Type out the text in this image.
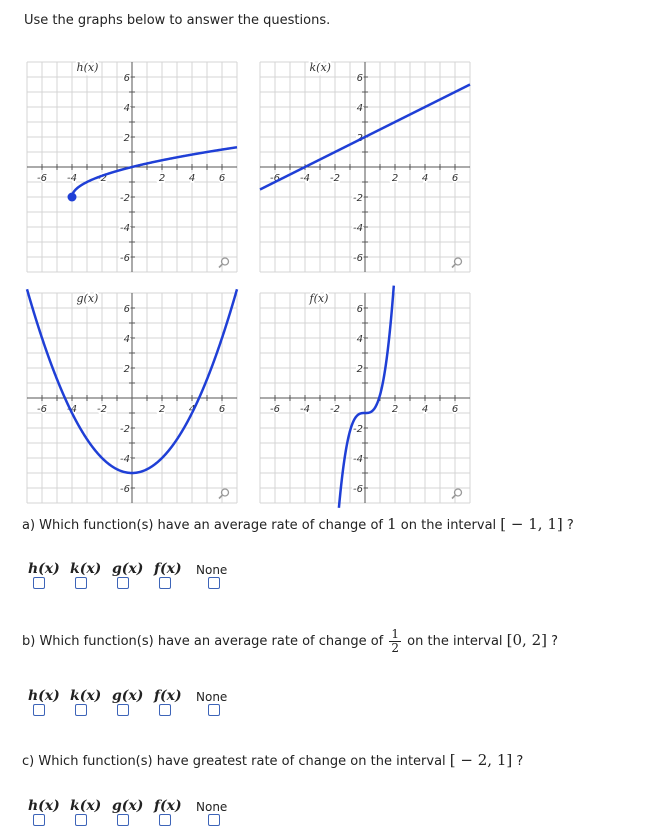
Use the graphs below to answer the questions.
-6 -4 -2	2 4 6
6
4
2
-2
-4
-6
h(x)
-6 -4 -2	2 4 6
6
4
2
-2
-4
-6
k(x)
-6 -4 -2	2 4 6
6
4
2
-2
-4
-6
g(x)
-6 -4 -2	2 4 6
6
4
2
-2
-4
-6
f(x)
a) Which function(s) have an average rate of change of 1 on the interval [ − 1, 1] ?
h(x) k(x) g(x) f(x) None
b) Which function(s) have an average rate of change of $\frac{1}{2}$ on the interval [0, 2] ?
h(x) k(x) g(x) f(x) None
c) Which function(s) have greatest rate of change on the interval [ − 2, 1] ?
h(x) k(x) g(x) f(x) None
